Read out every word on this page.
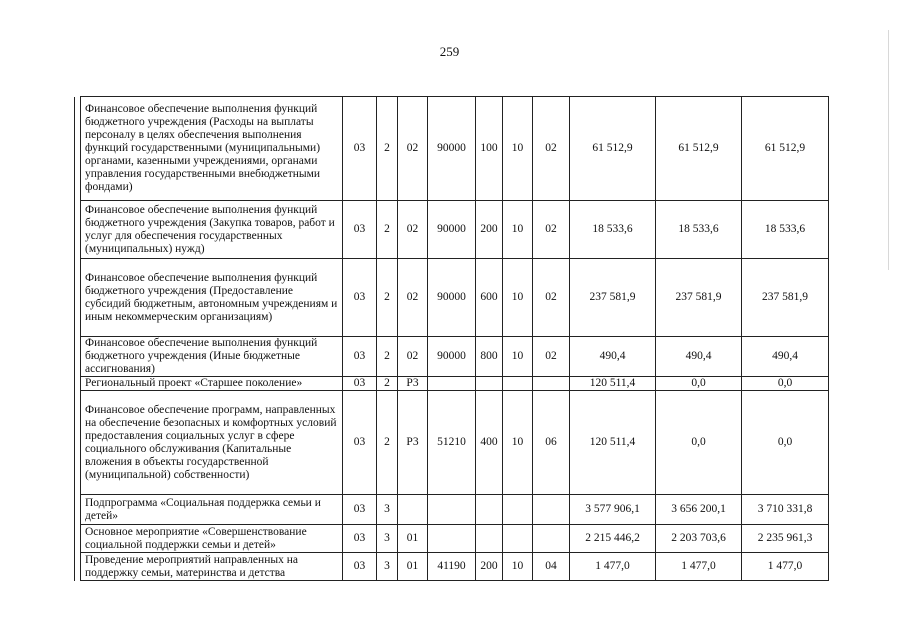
259
	Финансовое обеспечение выполнения функций бюджетного учреждения (Расходы на выплаты персоналу в целях обеспечения выполнения функций государственными (муниципальными) органами, казенными учреждениями, органами управления государственными внебюджетными фондами)	03	2	02	90000	100	10	02	61 512,9	61 512,9	61 512,9
	Финансовое обеспечение выполнения функций бюджетного учреждения (Закупка товаров, работ и услуг для обеспечения государственных (муниципальных) нужд)	03	2	02	90000	200	10	02	18 533,6	18 533,6	18 533,6
	Финансовое обеспечение выполнения функций бюджетного учреждения (Предоставление субсидий бюджетным, автономным учреждениям и иным некоммерческим организациям)	03	2	02	90000	600	10	02	237 581,9	237 581,9	237 581,9
	Финансовое обеспечение выполнения функций бюджетного учреждения (Иные бюджетные ассигнования)	03	2	02	90000	800	10	02	490,4	490,4	490,4
	Региональный проект «Старшее поколение»	03	2	P3					120 511,4	0,0	0,0
	Финансовое обеспечение программ, направленных на обеспечение безопасных и комфортных условий предоставления социальных услуг в сфере социального обслуживания (Капитальные вложения в объекты государственной (муниципальной) собственности)	03	2	P3	51210	400	10	06	120 511,4	0,0	0,0
	Подпрограмма «Социальная поддержка семьи и детей»	03	3						3 577 906,1	3 656 200,1	3 710 331,8
	Основное мероприятие «Совершенствование социальной поддержки семьи и детей»	03	3	01					2 215 446,2	2 203 703,6	2 235 961,3
	Проведение мероприятий направленных на поддержку семьи, материнства и детства	03	3	01	41190	200	10	04	1 477,0	1 477,0	1 477,0
